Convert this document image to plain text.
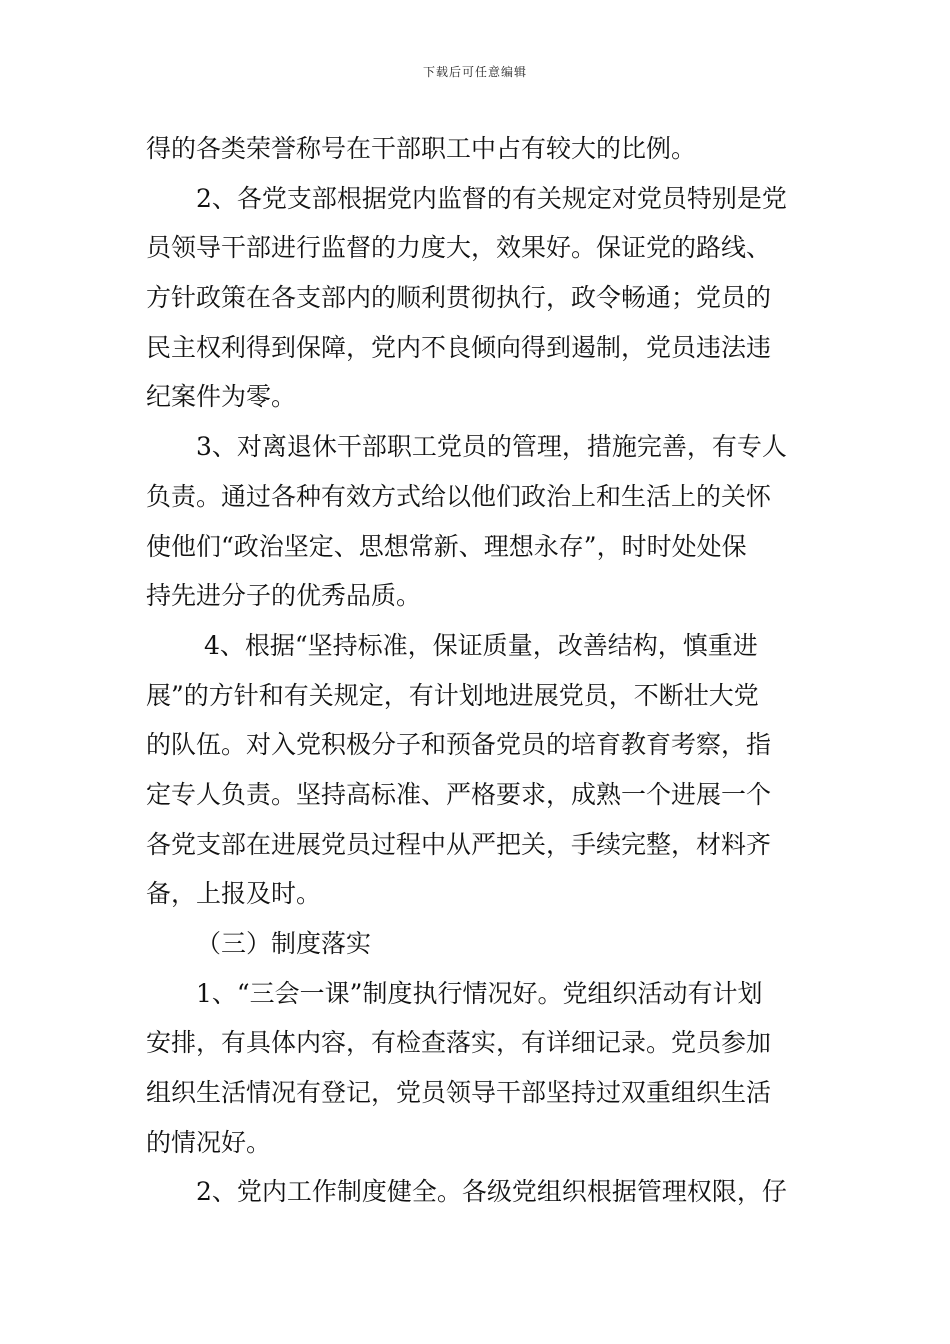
下载后可任意编辑
得的各类荣誉称号在干部职工中占有较大的比例。
2、各党支部根据党内监督的有关规定对党员特别是党
员领导干部进行监督的力度大，效果好。保证党的路线、
方针政策在各支部内的顺利贯彻执行，政令畅通；党员的
民主权利得到保障，党内不良倾向得到遏制，党员违法违
纪案件为零。
3、对离退休干部职工党员的管理，措施完善，有专人
负责。通过各种有效方式给以他们政治上和生活上的关怀
使他们“政治坚定、思想常新、理想永存”，时时处处保
持先进分子的优秀品质。
4、根据“坚持标准，保证质量，改善结构，慎重进
展”的方针和有关规定，有计划地进展党员，不断壮大党
的队伍。对入党积极分子和预备党员的培育教育考察，指
定专人负责。坚持高标准、严格要求，成熟一个进展一个
各党支部在进展党员过程中从严把关，手续完整，材料齐
备，上报及时。
（三）制度落实
1、“三会一课”制度执行情况好。党组织活动有计划
安排，有具体内容，有检查落实，有详细记录。党员参加
组织生活情况有登记，党员领导干部坚持过双重组织生活
的情况好。
2、党内工作制度健全。各级党组织根据管理权限，仔
